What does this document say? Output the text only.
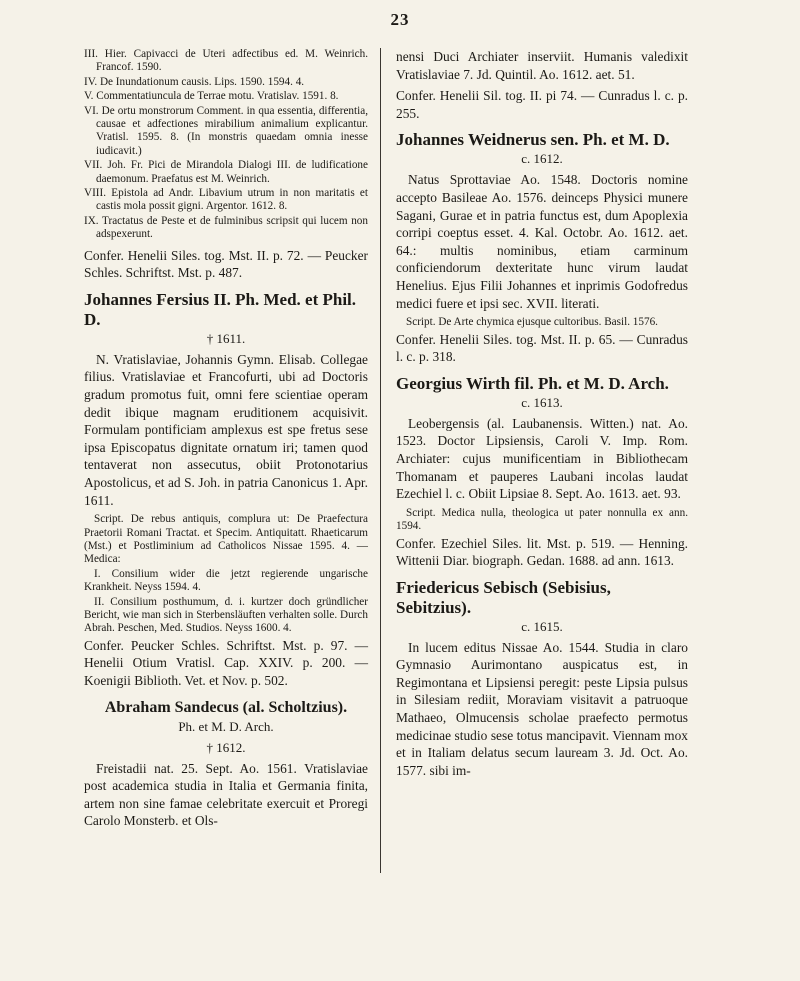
23

III. Hier. Capivacci de Uteri adfectibus ed. M. Weinrich. Francof. 1590.

IV. De Inundationum causis. Lips. 1590. 1594. 4.

V. Commentatiuncula de Terrae motu. Vratislav. 1591. 8.

VI. De ortu monstrorum Comment. in qua essentia, differentia, causae et adfectiones mirabilium animalium explicantur. Vratisl. 1595. 8. (In monstris quaedam omnia inesse iudicavit.)

VII. Joh. Fr. Pici de Mirandola Dialogi III. de ludificatione daemonum. Praefatus est M. Weinrich.

VIII. Epistola ad Andr. Libavium utrum in non maritatis et castis mola possit gigni. Argentor. 1612. 8.

IX. Tractatus de Peste et de fulminibus scripsit qui lucem non adspexerunt.

Confer. Henelii Siles. tog. Mst. II. p. 72. — Peucker Schles. Schriftst. Mst. p. 487.

Johannes Fersius II. Ph. Med. et Phil. D.

† 1611.

N. Vratislaviae, Johannis Gymn. Elisab. Collegae filius. Vratislaviae et Francofurti, ubi ad Doctoris gradum promotus fuit, omni fere scientiae operam dedit ibique magnam eruditionem acquisivit. Formulam pontificiam amplexus est spe fretus sese ipsa Episcopatus dignitate ornatum iri; tamen quod tentaverat non assecutus, obiit Protonotarius Apostolicus, et ad S. Joh. in patria Canonicus 1. Apr. 1611.

Script. De rebus antiquis, complura ut: De Praefectura Praetorii Romani Tractat. et Specim. Antiquitatt. Rhaeticarum (Mst.) et Postliminium ad Catholicos Nissae 1595. 4. — Medica:

I. Consilium wider die jetzt regierende ungarische Krankheit. Neyss 1594. 4.

II. Consilium posthumum, d. i. kurtzer doch gründlicher Bericht, wie man sich in Sterbensläuften verhalten solle. Durch Abrah. Peschen, Med. Studios. Neyss 1600. 4.

Confer. Peucker Schles. Schriftst. Mst. p. 97. — Henelii Otium Vratisl. Cap. XXIV. p. 200. — Koenigii Biblioth. Vet. et Nov. p. 502.

Abraham Sandecus (al. Scholtzius).

Ph. et M. D. Arch.

† 1612.

Freistadii nat. 25. Sept. Ao. 1561. Vratislaviae post academica studia in Italia et Germania finita, artem non sine famae celebritate exercuit et Proregi Carolo Monsterb. et Ols-

nensi Duci Archiater inserviit. Humanis valedixit Vratislaviae 7. Jd. Quintil. Ao. 1612. aet. 51.

Confer. Henelii Sil. tog. II. pi 74. — Cunradus l. c. p. 255.

Johannes Weidnerus sen. Ph. et M. D.

c. 1612.

Natus Sprottaviae Ao. 1548. Doctoris nomine accepto Basileae Ao. 1576. deinceps Physici munere Sagani, Gurae et in patria functus est, dum Apoplexia corripi coeptus esset. 4. Kal. Octobr. Ao. 1612. aet. 64.: multis nominibus, etiam carminum conficiendorum dexteritate hunc virum laudat Henelius. Ejus Filii Johannes et inprimis Godofredus medici fuere et ipsi sec. XVII. literati.

Script. De Arte chymica ejusque cultoribus. Basil. 1576.

Confer. Henelii Siles. tog. Mst. II. p. 65. — Cunradus l. c. p. 318.

Georgius Wirth fil. Ph. et M. D. Arch.

c. 1613.

Leobergensis (al. Laubanensis. Witten.) nat. Ao. 1523. Doctor Lipsiensis, Caroli V. Imp. Rom. Archiater: cujus munificentiam in Bibliothecam Thomanam et pauperes Laubani incolas laudat Ezechiel l. c. Obiit Lipsiae 8. Sept. Ao. 1613. aet. 93.

Script. Medica nulla, theologica ut pater nonnulla ex ann. 1594.

Confer. Ezechiel Siles. lit. Mst. p. 519. — Henning. Wittenii Diar. biograph. Gedan. 1688. ad ann. 1613.

Friedericus Sebisch (Sebisius, Sebitzius).

c. 1615.

In lucem editus Nissae Ao. 1544. Studia in claro Gymnasio Aurimontano auspicatus est, in Regimontana et Lipsiensi peregit: peste Lipsia pulsus in Silesiam rediit, Moraviam visitavit a patruoque Mathaeo, Olmucensis scholae praefecto permotus medicinae studio sese totus mancipavit. Viennam mox et in Italiam delatus secum lauream 3. Jd. Oct. Ao. 1577. sibi im-
